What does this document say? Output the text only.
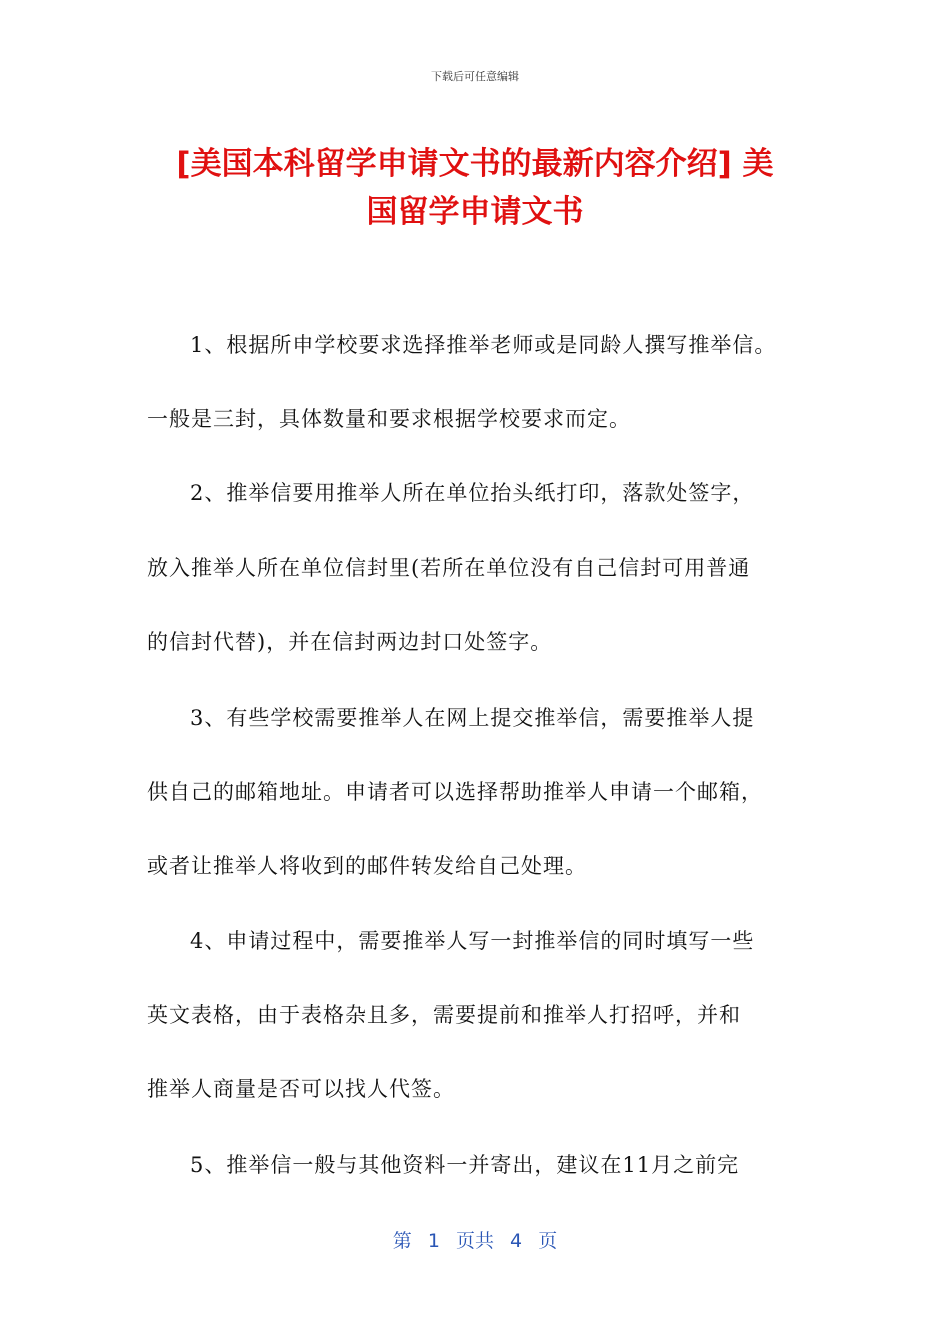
下载后可任意编辑
[美国本科留学申请文书的最新内容介绍] 美
国留学申请文书
1、根据所申学校要求选择推举老师或是同龄人撰写推举信。
一般是三封，具体数量和要求根据学校要求而定。
2、推举信要用推举人所在单位抬头纸打印，落款处签字，
放入推举人所在单位信封里(若所在单位没有自己信封可用普通
的信封代替)，并在信封两边封口处签字。
3、有些学校需要推举人在网上提交推举信，需要推举人提
供自己的邮箱地址。申请者可以选择帮助推举人申请一个邮箱，
或者让推举人将收到的邮件转发给自己处理。
4、申请过程中，需要推举人写一封推举信的同时填写一些
英文表格，由于表格杂且多，需要提前和推举人打招呼，并和
推举人商量是否可以找人代签。
5、推举信一般与其他资料一并寄出，建议在11月之前完
第 1 页共 4 页
